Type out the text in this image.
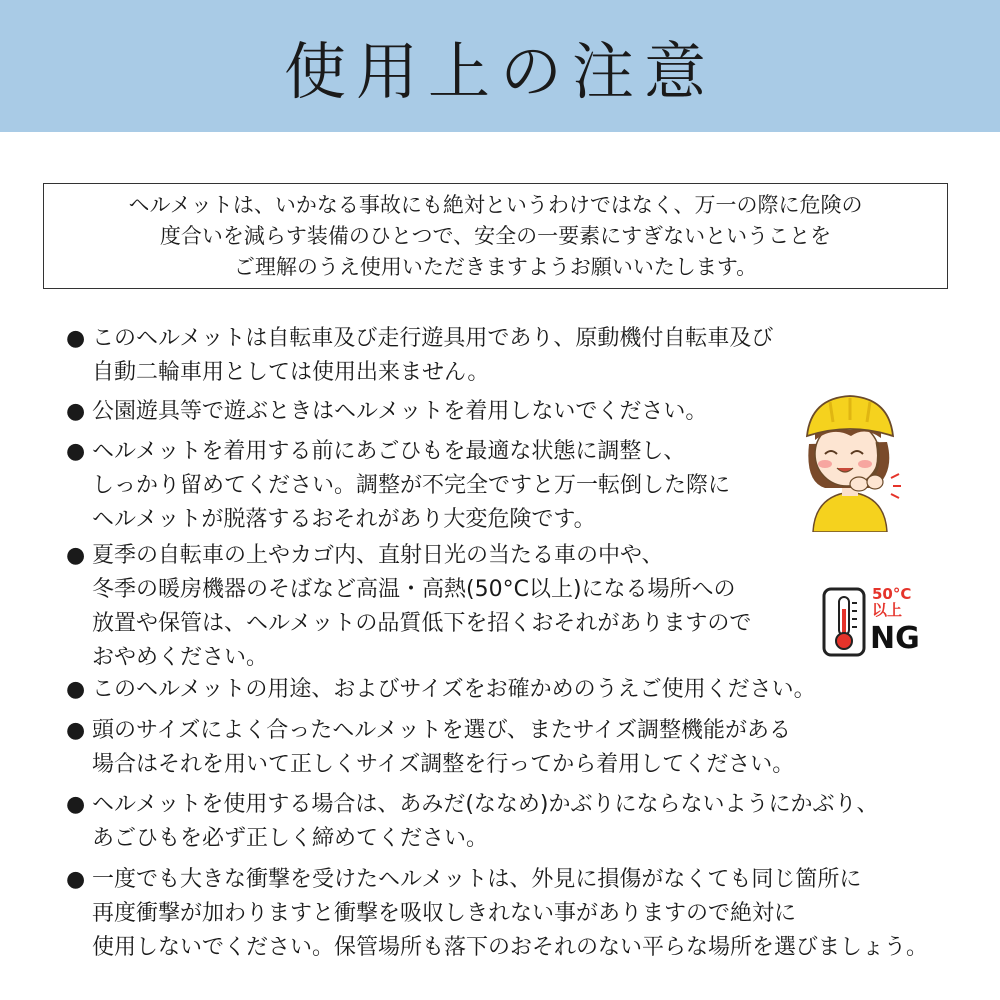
使用上の注意
ヘルメットは、いかなる事故にも絶対というわけではなく、万一の際に危険の
度合いを減らす装備のひとつで、安全の一要素にすぎないということを
ご理解のうえ使用いただきますようお願いいたします。
● このヘルメットは自転車及び走行遊具用であり、原動機付自転車及び
自動二輪車用としては使用出来ません。
● 公園遊具等で遊ぶときはヘルメットを着用しないでください。
● ヘルメットを着用する前にあごひもを最適な状態に調整し、
しっかり留めてください。調整が不完全ですと万一転倒した際に
ヘルメットが脱落するおそれがあり大変危険です。
● 夏季の自転車の上やカゴ内、直射日光の当たる車の中や、
冬季の暖房機器のそばなど高温・高熱(50°C以上)になる場所への
放置や保管は、ヘルメットの品質低下を招くおそれがありますので
おやめください。
● このヘルメットの用途、およびサイズをお確かめのうえご使用ください。
● 頭のサイズによく合ったヘルメットを選び、またサイズ調整機能がある
場合はそれを用いて正しくサイズ調整を行ってから着用してください。
● ヘルメットを使用する場合は、あみだ(ななめ)かぶりにならないようにかぶり、
あごひもを必ず正しく締めてください。
● 一度でも大きな衝撃を受けたヘルメットは、外見に損傷がなくても同じ箇所に
再度衝撃が加わりますと衝撃を吸収しきれない事がありますので絶対に
使用しないでください。保管場所も落下のおそれのない平らな場所を選びましょう。
50°C
以上
NG
